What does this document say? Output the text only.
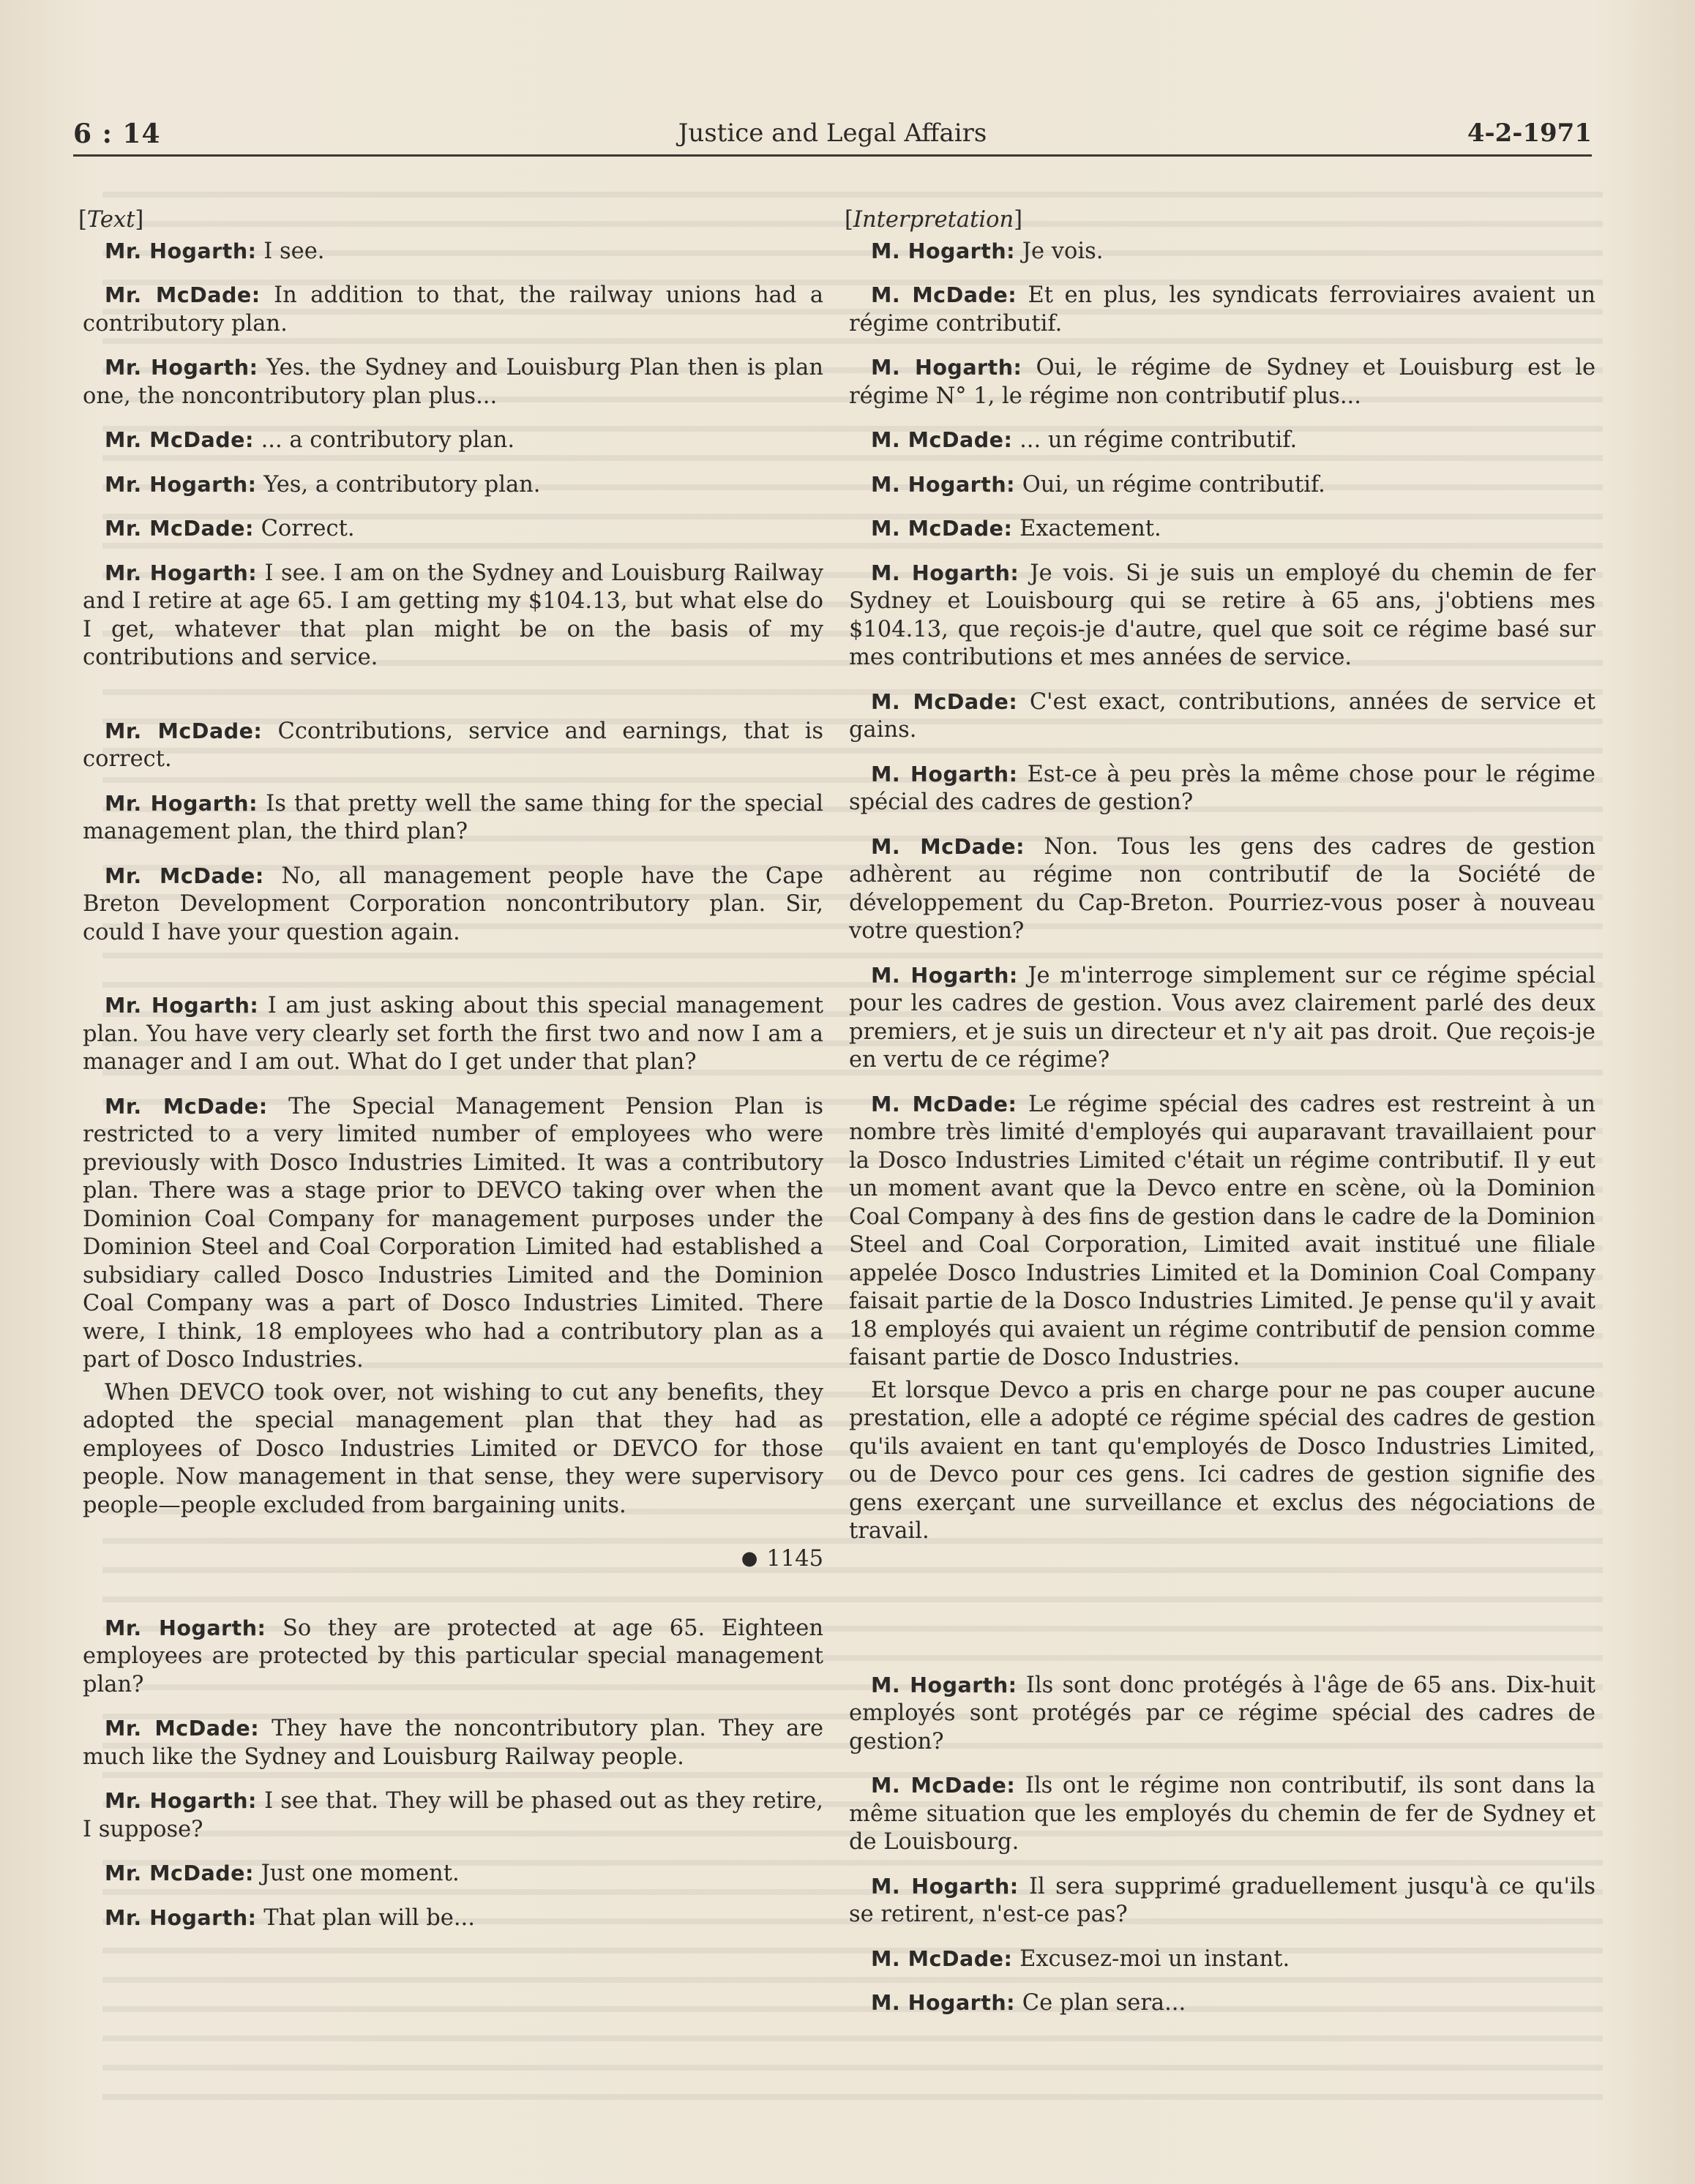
6 : 14	Justice and Legal Affairs	4-2-1971
[Text]

Mr. Hogarth: I see.

Mr. McDade: In addition to that, the railway unions had a contributory plan.

Mr. Hogarth: Yes. the Sydney and Louisburg Plan then is plan one, the noncontributory plan plus...

Mr. McDade: ... a contributory plan.

Mr. Hogarth: Yes, a contributory plan.

Mr. McDade: Correct.

Mr. Hogarth: I see. I am on the Sydney and Louisburg Railway and I retire at age 65. I am getting my $104.13, but what else do I get, whatever that plan might be on the basis of my contributions and service.

Mr. McDade: Ccontributions, service and earnings, that is correct.

Mr. Hogarth: Is that pretty well the same thing for the special management plan, the third plan?

Mr. McDade: No, all management people have the Cape Breton Development Corporation noncontributory plan. Sir, could I have your question again.

Mr. Hogarth: I am just asking about this special management plan. You have very clearly set forth the first two and now I am a manager and I am out. What do I get under that plan?

Mr. McDade: The Special Management Pension Plan is restricted to a very limited number of employees who were previously with Dosco Industries Limited. It was a contributory plan. There was a stage prior to DEVCO taking over when the Dominion Coal Company for management purposes under the Dominion Steel and Coal Corporation Limited had established a subsidiary called Dosco Industries Limited and the Dominion Coal Company was a part of Dosco Industries Limited. There were, I think, 18 employees who had a contributory plan as a part of Dosco Industries.

When DEVCO took over, not wishing to cut any benefits, they adopted the special management plan that they had as employees of Dosco Industries Limited or DEVCO for those people. Now management in that sense, they were supervisory people—people excluded from bargaining units.

● 1145

Mr. Hogarth: So they are protected at age 65. Eighteen employees are protected by this particular special management plan?

Mr. McDade: They have the noncontributory plan. They are much like the Sydney and Louisburg Railway people.

Mr. Hogarth: I see that. They will be phased out as they retire, I suppose?

Mr. McDade: Just one moment.

Mr. Hogarth: That plan will be...

[Interpretation]

M. Hogarth: Je vois.

M. McDade: Et en plus, les syndicats ferroviaires avaient un régime contributif.

M. Hogarth: Oui, le régime de Sydney et Louisburg est le régime N° 1, le régime non contributif plus...

M. McDade: ... un régime contributif.

M. Hogarth: Oui, un régime contributif.

M. McDade: Exactement.

M. Hogarth: Je vois. Si je suis un employé du chemin de fer Sydney et Louisbourg qui se retire à 65 ans, j'obtiens mes $104.13, que reçois-je d'autre, quel que soit ce régime basé sur mes contributions et mes années de service.

M. McDade: C'est exact, contributions, années de service et gains.

M. Hogarth: Est-ce à peu près la même chose pour le régime spécial des cadres de gestion?

M. McDade: Non. Tous les gens des cadres de gestion adhèrent au régime non contributif de la Société de développement du Cap-Breton. Pourriez-vous poser à nouveau votre question?

M. Hogarth: Je m'interroge simplement sur ce régime spécial pour les cadres de gestion. Vous avez clairement parlé des deux premiers, et je suis un directeur et n'y ait pas droit. Que reçois-je en vertu de ce régime?

M. McDade: Le régime spécial des cadres est restreint à un nombre très limité d'employés qui auparavant travaillaient pour la Dosco Industries Limited c'était un régime contributif. Il y eut un moment avant que la Devco entre en scène, où la Dominion Coal Company à des fins de gestion dans le cadre de la Dominion Steel and Coal Corporation, Limited avait institué une filiale appelée Dosco Industries Limited et la Dominion Coal Company faisait partie de la Dosco Industries Limited. Je pense qu'il y avait 18 employés qui avaient un régime contributif de pension comme faisant partie de Dosco Industries.

Et lorsque Devco a pris en charge pour ne pas couper aucune prestation, elle a adopté ce régime spécial des cadres de gestion qu'ils avaient en tant qu'employés de Dosco Industries Limited, ou de Devco pour ces gens. Ici cadres de gestion signifie des gens exerçant une surveillance et exclus des négociations de travail.

M. Hogarth: Ils sont donc protégés à l'âge de 65 ans. Dix-huit employés sont protégés par ce régime spécial des cadres de gestion?

M. McDade: Ils ont le régime non contributif, ils sont dans la même situation que les employés du chemin de fer de Sydney et de Louisbourg.

M. Hogarth: Il sera supprimé graduellement jusqu'à ce qu'ils se retirent, n'est-ce pas?

M. McDade: Excusez-moi un instant.

M. Hogarth: Ce plan sera...
